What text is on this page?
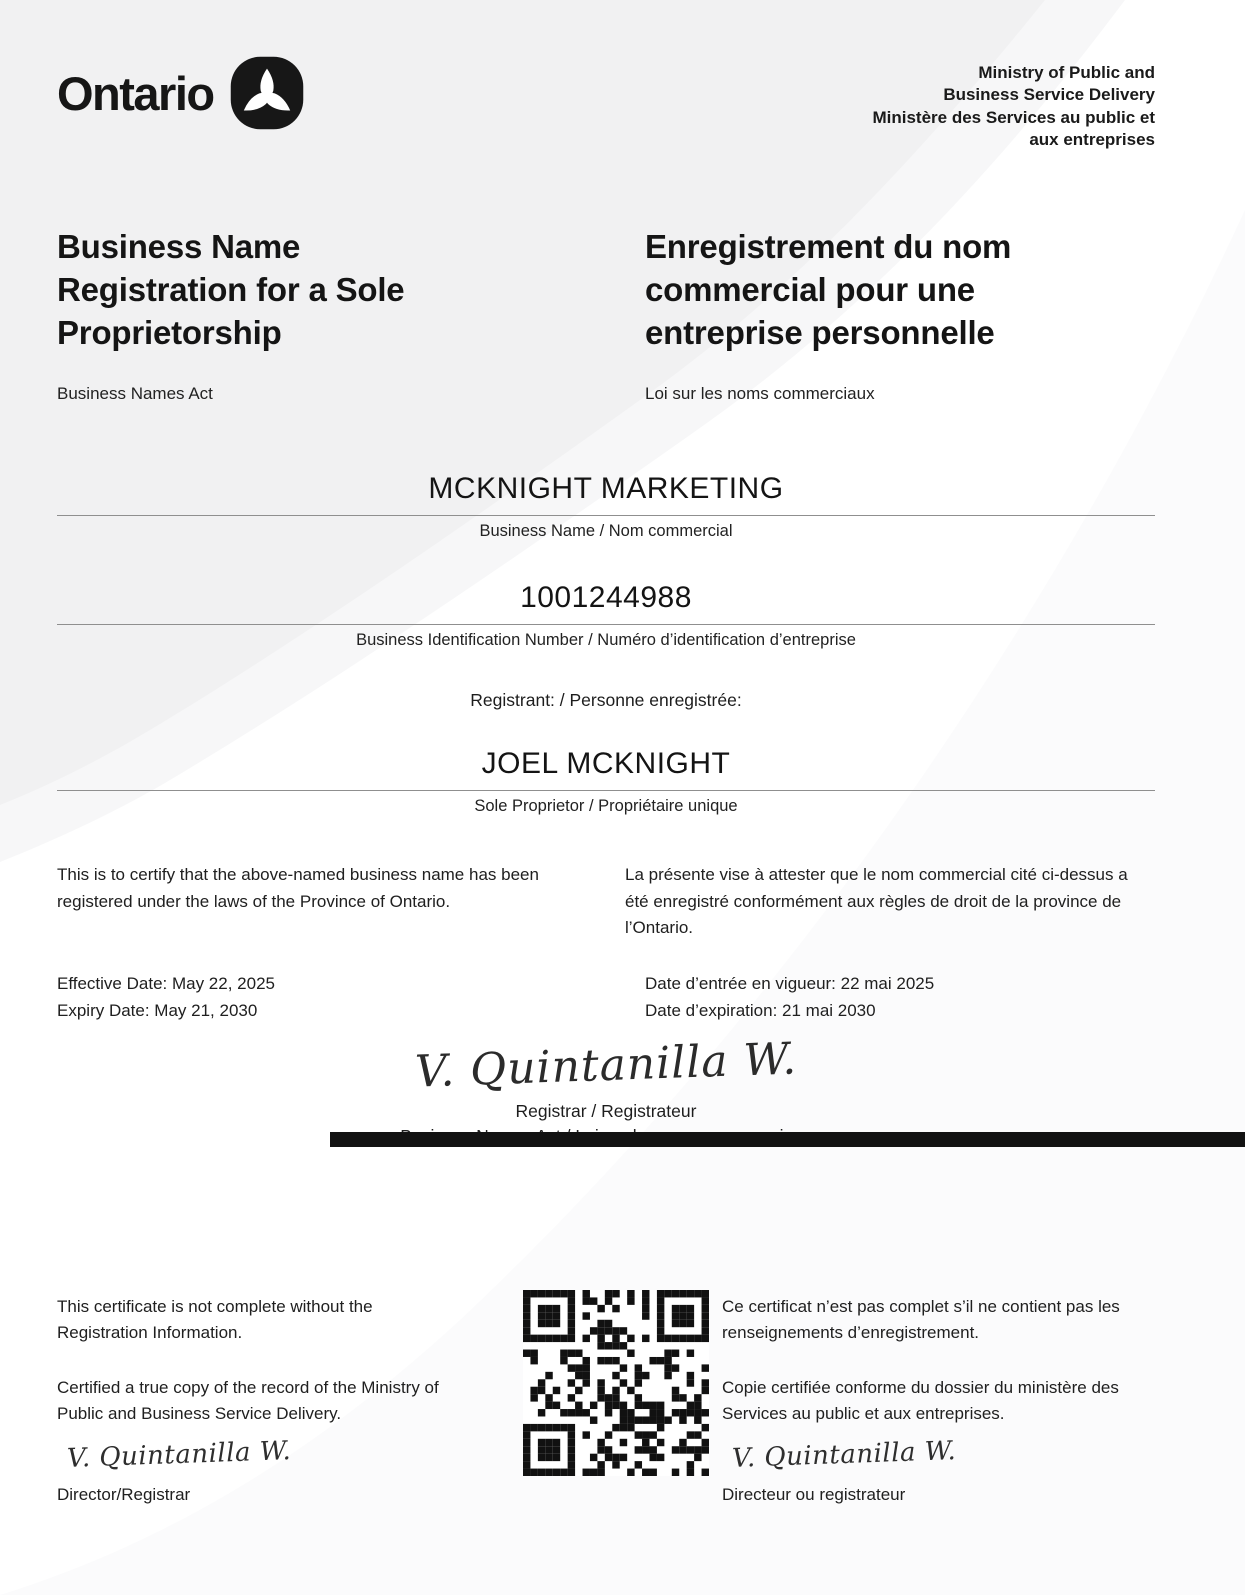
Ontario	Ministry of Public and
Business Service Delivery
Ministère des Services au public et
aux entreprises
Business Name Registration for a Sole Proprietorship
Enregistrement du nom commercial pour une entreprise personnelle
Business Names Act	Loi sur les noms commerciaux
MCKNIGHT MARKETING
Business Name / Nom commercial
1001244988
Business Identification Number / Numéro d’identification d’entreprise
Registrant: / Personne enregistrée:
JOEL MCKNIGHT
Sole Proprietor / Propriétaire unique
This is to certify that the above-named business name has been registered under the laws of the Province of Ontario.
La présente vise à attester que le nom commercial cité ci-dessus a été enregistré conformément aux règles de droit de la province de l’Ontario.
Effective Date: May 22, 2025
Expiry Date: May 21, 2030
Date d’entrée en vigueur: 22 mai 2025
Date d’expiration: 21 mai 2030
V. Quintanilla W.
Registrar / Registrateur
This certificate is not complete without the Registration Information.
Certified a true copy of the record of the Ministry of Public and Business Service Delivery.
V. Quintanilla W.
Director/Registrar
Ce certificat n’est pas complet s’il ne contient pas les renseignements d’enregistrement.
Copie certifiée conforme du dossier du ministère des Services au public et aux entreprises.
V. Quintanilla W.
Directeur ou registrateur
